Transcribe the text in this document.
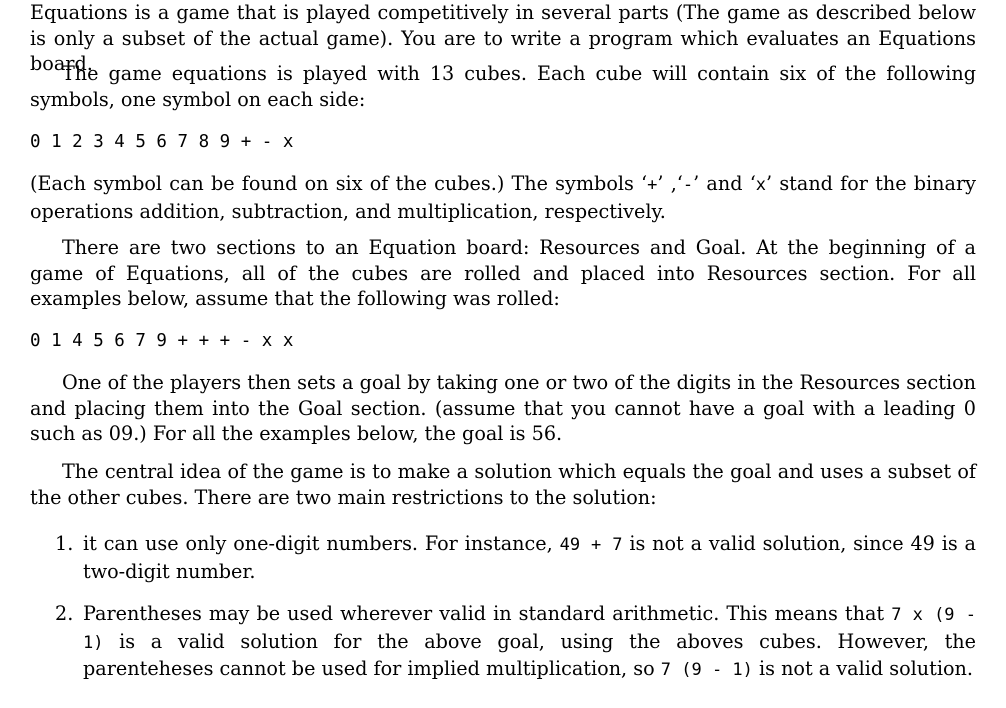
Equations is a game that is played competitively in several parts (The game as described below is only a subset of the actual game). You are to write a program which evaluates an Equations board.

The game equations is played with 13 cubes. Each cube will contain six of the following symbols, one symbol on each side:

0 1 2 3 4 5 6 7 8 9 + - x

(Each symbol can be found on six of the cubes.) The symbols ‘+’ ,‘-’ and ‘x’ stand for the binary operations addition, subtraction, and multiplication, respectively.

There are two sections to an Equation board: Resources and Goal. At the beginning of a game of Equations, all of the cubes are rolled and placed into Resources section. For all examples below, assume that the following was rolled:

0 1 4 5 6 7 9 + + + - x x

One of the players then sets a goal by taking one or two of the digits in the Resources section and placing them into the Goal section. (assume that you cannot have a goal with a leading 0 such as 09.) For all the examples below, the goal is 56.

The central idea of the game is to make a solution which equals the goal and uses a subset of the other cubes. There are two main restrictions to the solution:

1. it can use only one-digit numbers. For instance, 49 + 7 is not a valid solution, since 49 is a two-digit number.
2. Parentheses may be used wherever valid in standard arithmetic. This means that 7 x (9 - 1) is a valid solution for the above goal, using the aboves cubes. However, the parenteheses cannot be used for implied multiplication, so 7 (9 - 1) is not a valid solution.
